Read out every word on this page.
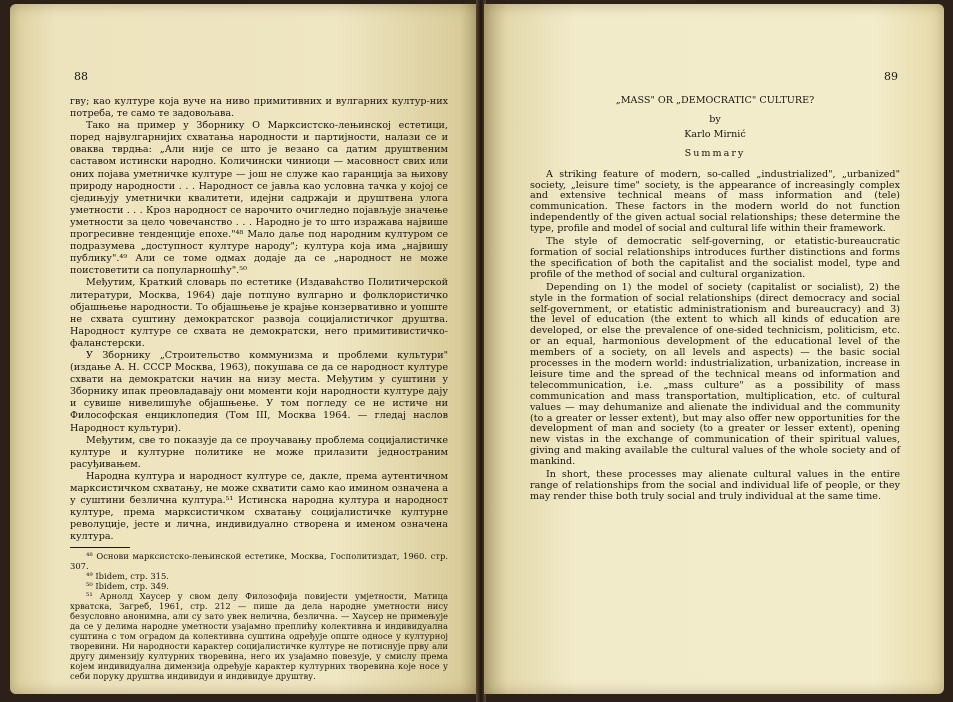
88

гву; као културе која вуче на ниво примитивних и вулгарних култур-них потреба, те само те задовољава.

Тако на пример у Зборнику О Марксистско-лењинској естетици, поред највулгарнијих схватања народности и партијности, налази се и оваква тврдња: „Али није се што је везано са датим друштвеним саставом истински народно. Количински чиниоци — масовност свих или оних појава уметничке културе — још не служе као гаранција за њихову природу народности . . . Народност се јавља као условна тачка у којој се сједињују уметнички квалитети, идејни садржаји и друштвена улога уметности . . . Кроз народност се нарочито очигледно појављује значење уметности за цело човечанство . . . Народно је то што изражава највише прогресивне тенденције епохе."⁴⁸ Мало даље под народним културом се подразумева „доступност културе народу"; култура која има „највишу публику".⁴⁹ Али се томе одмах додаје да се „народност не може поистоветити са популарношћу".⁵⁰

Међутим, Краткий словарь по естетике (Издаваћство Политичерской литератури, Москва, 1964) даје потпуно вулгарно и фолклористичко објашњење народности. То објашњење је крајње конзервативно и уопште не схвата суштину демократског развоја социјалистичког друштва. Народност културе се схвата не демократски, него примитивистичко-фаланстерски.

У Зборнику „Строительство коммунизма и проблеми культури" (издање А. Н. СССР Москва, 1963), покушава се да се народност културе схвати на демократски начин на низу места. Међутим у суштини у Зборнику ипак преовладавају они моменти који народности културе дају и сувише нивелишуће објашњење. У том погледу се не истиче ни Философская енциклопедия (Том III, Москва 1964. — гледај наслов Народност культури).

Међутим, све то показује да се проучавању проблема социјалистичке културе и културне политике не може прилазити једностраним расуђивањем.

Народна култура и народност културе се, дакле, према аутентичном марксистичком схватању, не може схватити само као имином означена а у суштини безлична култура.⁵¹ Истинска народна култура и народност културе, према марксистичком схватању социјалистичке културне револуције, јесте и лична, индивидуално створена и именом означена култура.

⁴⁸ Основи марксистско-лењинской естетике, Москва, Госполитиздат, 1960. стр. 307.

⁴⁹ Ibidem, стр. 315.

⁵⁰ Ibidem, стр. 349.

⁵¹ Арнолд Хаусер у свом делу Филозофија повијести умјетности, Матица хрватска, Загреб, 1961, стр. 212 — пише да дела народне уметности нису безусловно анонимна, али су зато увек нелична, безлична. — Хаусер не примењује да се у делима народне уметности узајамно преплићу колективна и индивидуална суштина с том оградом да колективна суштина одређује опште односе у културној творевини. Ни народности карактер социјалистичке културе не потиснује прву али другу димензију културних творевина, него их узајамно повезује, у смислу према којем индивидуална димензија одређује карактер културних творевина које носе у себи поруку друштва индивидуи и индивидуе друштву.

89
„MASS" OR „DEMOCRATIC" CULTURE?
by
Karlo Mirnić
Summary

A striking feature of modern, so-called „industrialized", „urbanized" society, „leisure time" society, is the appearance of increasingly complex and extensive technical means of mass information and (tele) communication. These factors in the modern world do not function independently of the given actual social relationships; these determine the type, profile and model of social and cultural life within their framework.

The style of democratic self-governing, or etatistic-bureaucratic formation of social relationships introduces further distinctions and forms the specification of both the capitalist and the socialist model, type and profile of the method of social and cultural organization.

Depending on 1) the model of society (capitalist or socialist), 2) the style in the formation of social relationships (direct democracy and social self-government, or etatistic administrationism and bureaucracy) and 3) the level of education (the extent to which all kinds of education are developed, or else the prevalence of one-sided technicism, politicism, etc. or an equal, harmonious development of the educational level of the members of a society, on all levels and aspects) — the basic social processes in the modern world: industrialization, urbanization, increase in leisure time and the spread of the technical means od information and telecommunication, i.e. „mass culture" as a possibility of mass communication and mass transportation, multiplication, etc. of cultural values — may dehumanize and alienate the individual and the community (to a greater or lesser extent), but may also offer new opportunities for the development of man and society (to a greater or lesser extent), opening new vistas in the exchange of communication of their spiritual values, giving and making available the cultural values of the whole society and of mankind.

In short, these processes may alienate cultural values in the entire range of relationships from the social and individual life of people, or they may render thise both truly social and truly individual at the same time.
